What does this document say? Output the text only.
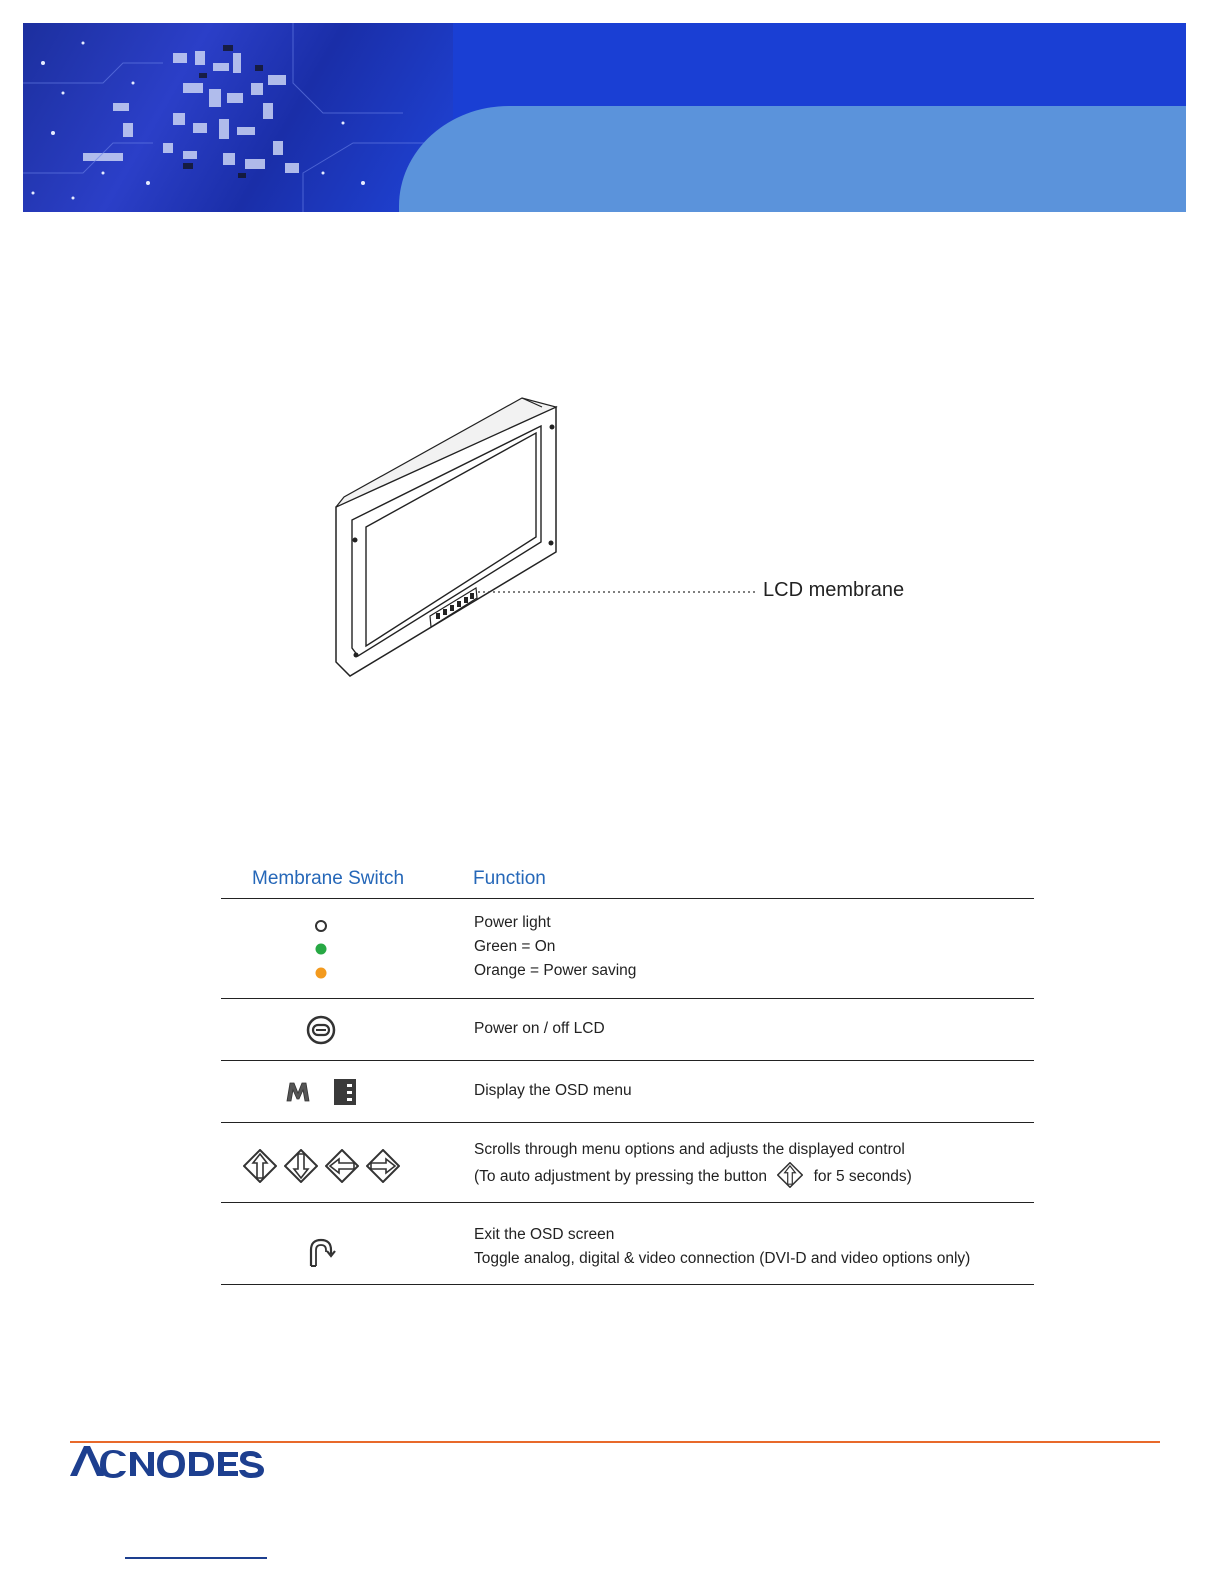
LCD membrane
Membrane Switch	Function
Power light
Green = On
Orange = Power saving
Power on / off LCD
Display the OSD menu
Scrolls through menu options and adjusts the displayed control
(To auto adjustment by pressing the button	for 5 seconds)
Exit the OSD screen
Toggle analog, digital & video connection (DVI-D and video options only)
